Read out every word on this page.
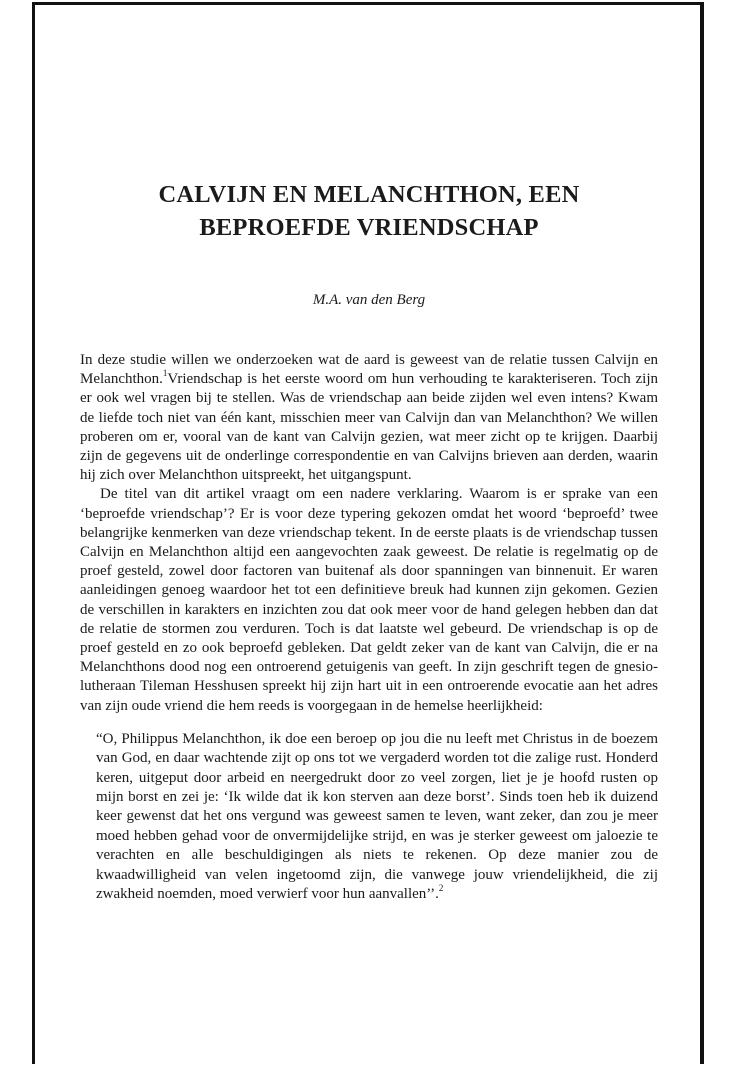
CALVIJN EN MELANCHTHON, EEN
BEPROEFDE VRIENDSCHAP
M.A. van den Berg

In deze studie willen we onderzoeken wat de aard is geweest van de relatie tussen Calvijn en Melanchthon.$^1$Vriendschap is het eerste woord om hun verhouding te karakteriseren. Toch zijn er ook wel vragen bij te stellen. Was de vriendschap aan beide zijden wel even intens? Kwam de liefde toch niet van één kant, misschien meer van Calvijn dan van Melanchthon? We willen proberen om er, vooral van de kant van Calvijn gezien, wat meer zicht op te krijgen. Daarbij zijn de gegevens uit de onderlinge correspondentie en van Calvijns brieven aan derden, waarin hij zich over Melanchthon uitspreekt, het uitgangspunt.

De titel van dit artikel vraagt om een nadere verklaring. Waarom is er sprake van een ‘beproefde vriendschap’? Er is voor deze typering gekozen omdat het woord ‘beproefd’ twee belangrijke kenmerken van deze vriendschap tekent. In de eerste plaats is de vriendschap tussen Calvijn en Melanchthon altijd een aangevochten zaak geweest. De relatie is regelmatig op de proef gesteld, zowel door factoren van buitenaf als door spanningen van binnenuit. Er waren aanleidingen genoeg waardoor het tot een definitieve breuk had kunnen zijn gekomen. Gezien de verschillen in karakters en inzichten zou dat ook meer voor de hand gelegen hebben dan dat de relatie de stormen zou verduren. Toch is dat laatste wel gebeurd. De vriendschap is op de proef gesteld en zo ook beproefd gebleken. Dat geldt zeker van de kant van Calvijn, die er na Melanchthons dood nog een ontroerend getuigenis van geeft. In zijn geschrift tegen de gnesio-lutheraan Tileman Hesshusen spreekt hij zijn hart uit in een ontroerende evocatie aan het adres van zijn oude vriend die hem reeds is voorgegaan in de hemelse heerlijkheid:

“O, Philippus Melanchthon, ik doe een beroep op jou die nu leeft met Christus in de boezem van God, en daar wachtende zijt op ons tot we vergaderd worden tot die zalige rust. Honderd keren, uitgeput door arbeid en neergedrukt door zo veel zorgen, liet je je hoofd rusten op mijn borst en zei je: ‘Ik wilde dat ik kon sterven aan deze borst’. Sinds toen heb ik duizend keer gewenst dat het ons vergund was geweest samen te leven, want zeker, dan zou je meer moed hebben gehad voor de onvermijdelijke strijd, en was je sterker geweest om jaloezie te verachten en alle beschuldigingen als niets te rekenen. Op deze manier zou de kwaadwilligheid van velen ingetoomd zijn, die vanwege jouw vriendelijkheid, die zij zwakheid noemden, moed verwierf voor hun aanvallen’’.$^2$
